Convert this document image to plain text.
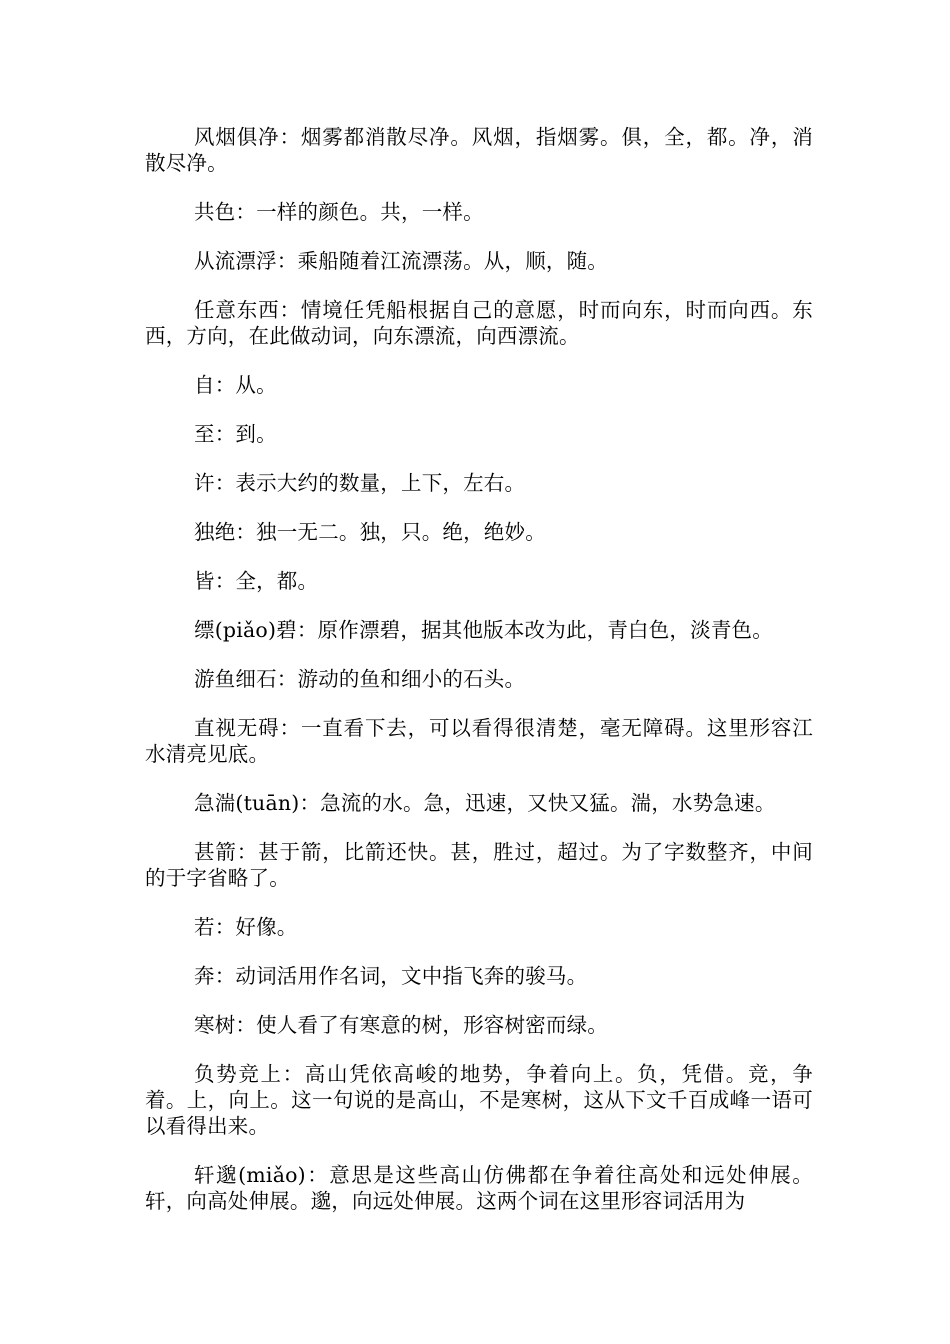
风烟俱净：烟雾都消散尽净。风烟，指烟雾。俱，全，都。净，消散尽净。

共色：一样的颜色。共，一样。

从流漂浮：乘船随着江流漂荡。从，顺，随。

任意东西：情境任凭船根据自己的意愿，时而向东，时而向西。东西，方向，在此做动词，向东漂流，向西漂流。

自：从。

至：到。

许：表示大约的数量，上下，左右。

独绝：独一无二。独，只。绝，绝妙。

皆：全，都。

缥(piǎo)碧：原作漂碧，据其他版本改为此，青白色，淡青色。

游鱼细石：游动的鱼和细小的石头。

直视无碍：一直看下去，可以看得很清楚，毫无障碍。这里形容江水清亮见底。

急湍(tuān)：急流的水。急，迅速，又快又猛。湍，水势急速。

甚箭：甚于箭，比箭还快。甚，胜过，超过。为了字数整齐，中间的于字省略了。

若：好像。

奔：动词活用作名词，文中指飞奔的骏马。

寒树：使人看了有寒意的树，形容树密而绿。

负势竞上：高山凭依高峻的地势，争着向上。负，凭借。竞，争着。上，向上。这一句说的是高山，不是寒树，这从下文千百成峰一语可以看得出来。

轩邈(miǎo)：意思是这些高山仿佛都在争着往高处和远处伸展。轩，向高处伸展。邈，向远处伸展。这两个词在这里形容词活用为
